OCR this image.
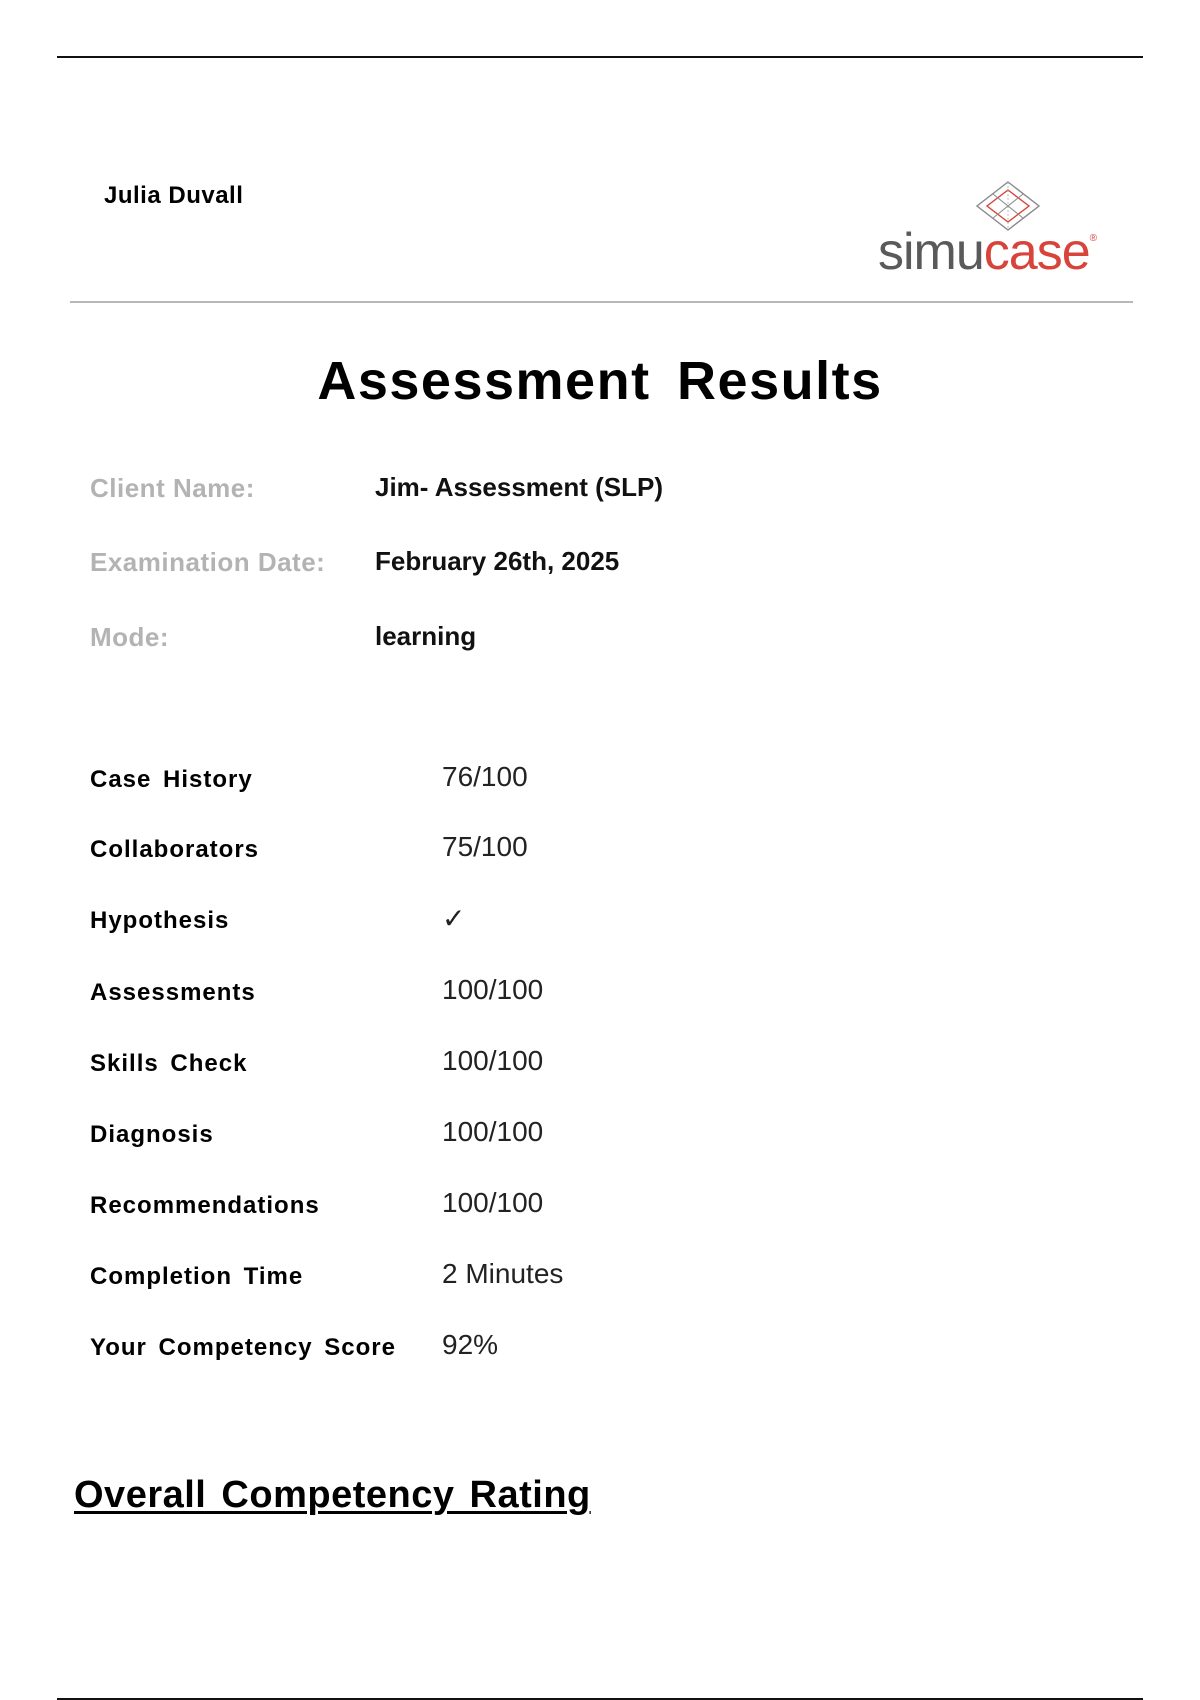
Julia Duvall
simucase®
Assessment Results
Client Name:	Jim- Assessment (SLP)
Examination Date: February 26th, 2025
Mode:	learning
Case History	76/100
Collaborators	75/100
Hypothesis	✓
Assessments	100/100
Skills Check	100/100
Diagnosis	100/100
Recommendations	100/100
Completion Time	2 Minutes
Your Competency Score 92%
Overall Competency Rating
